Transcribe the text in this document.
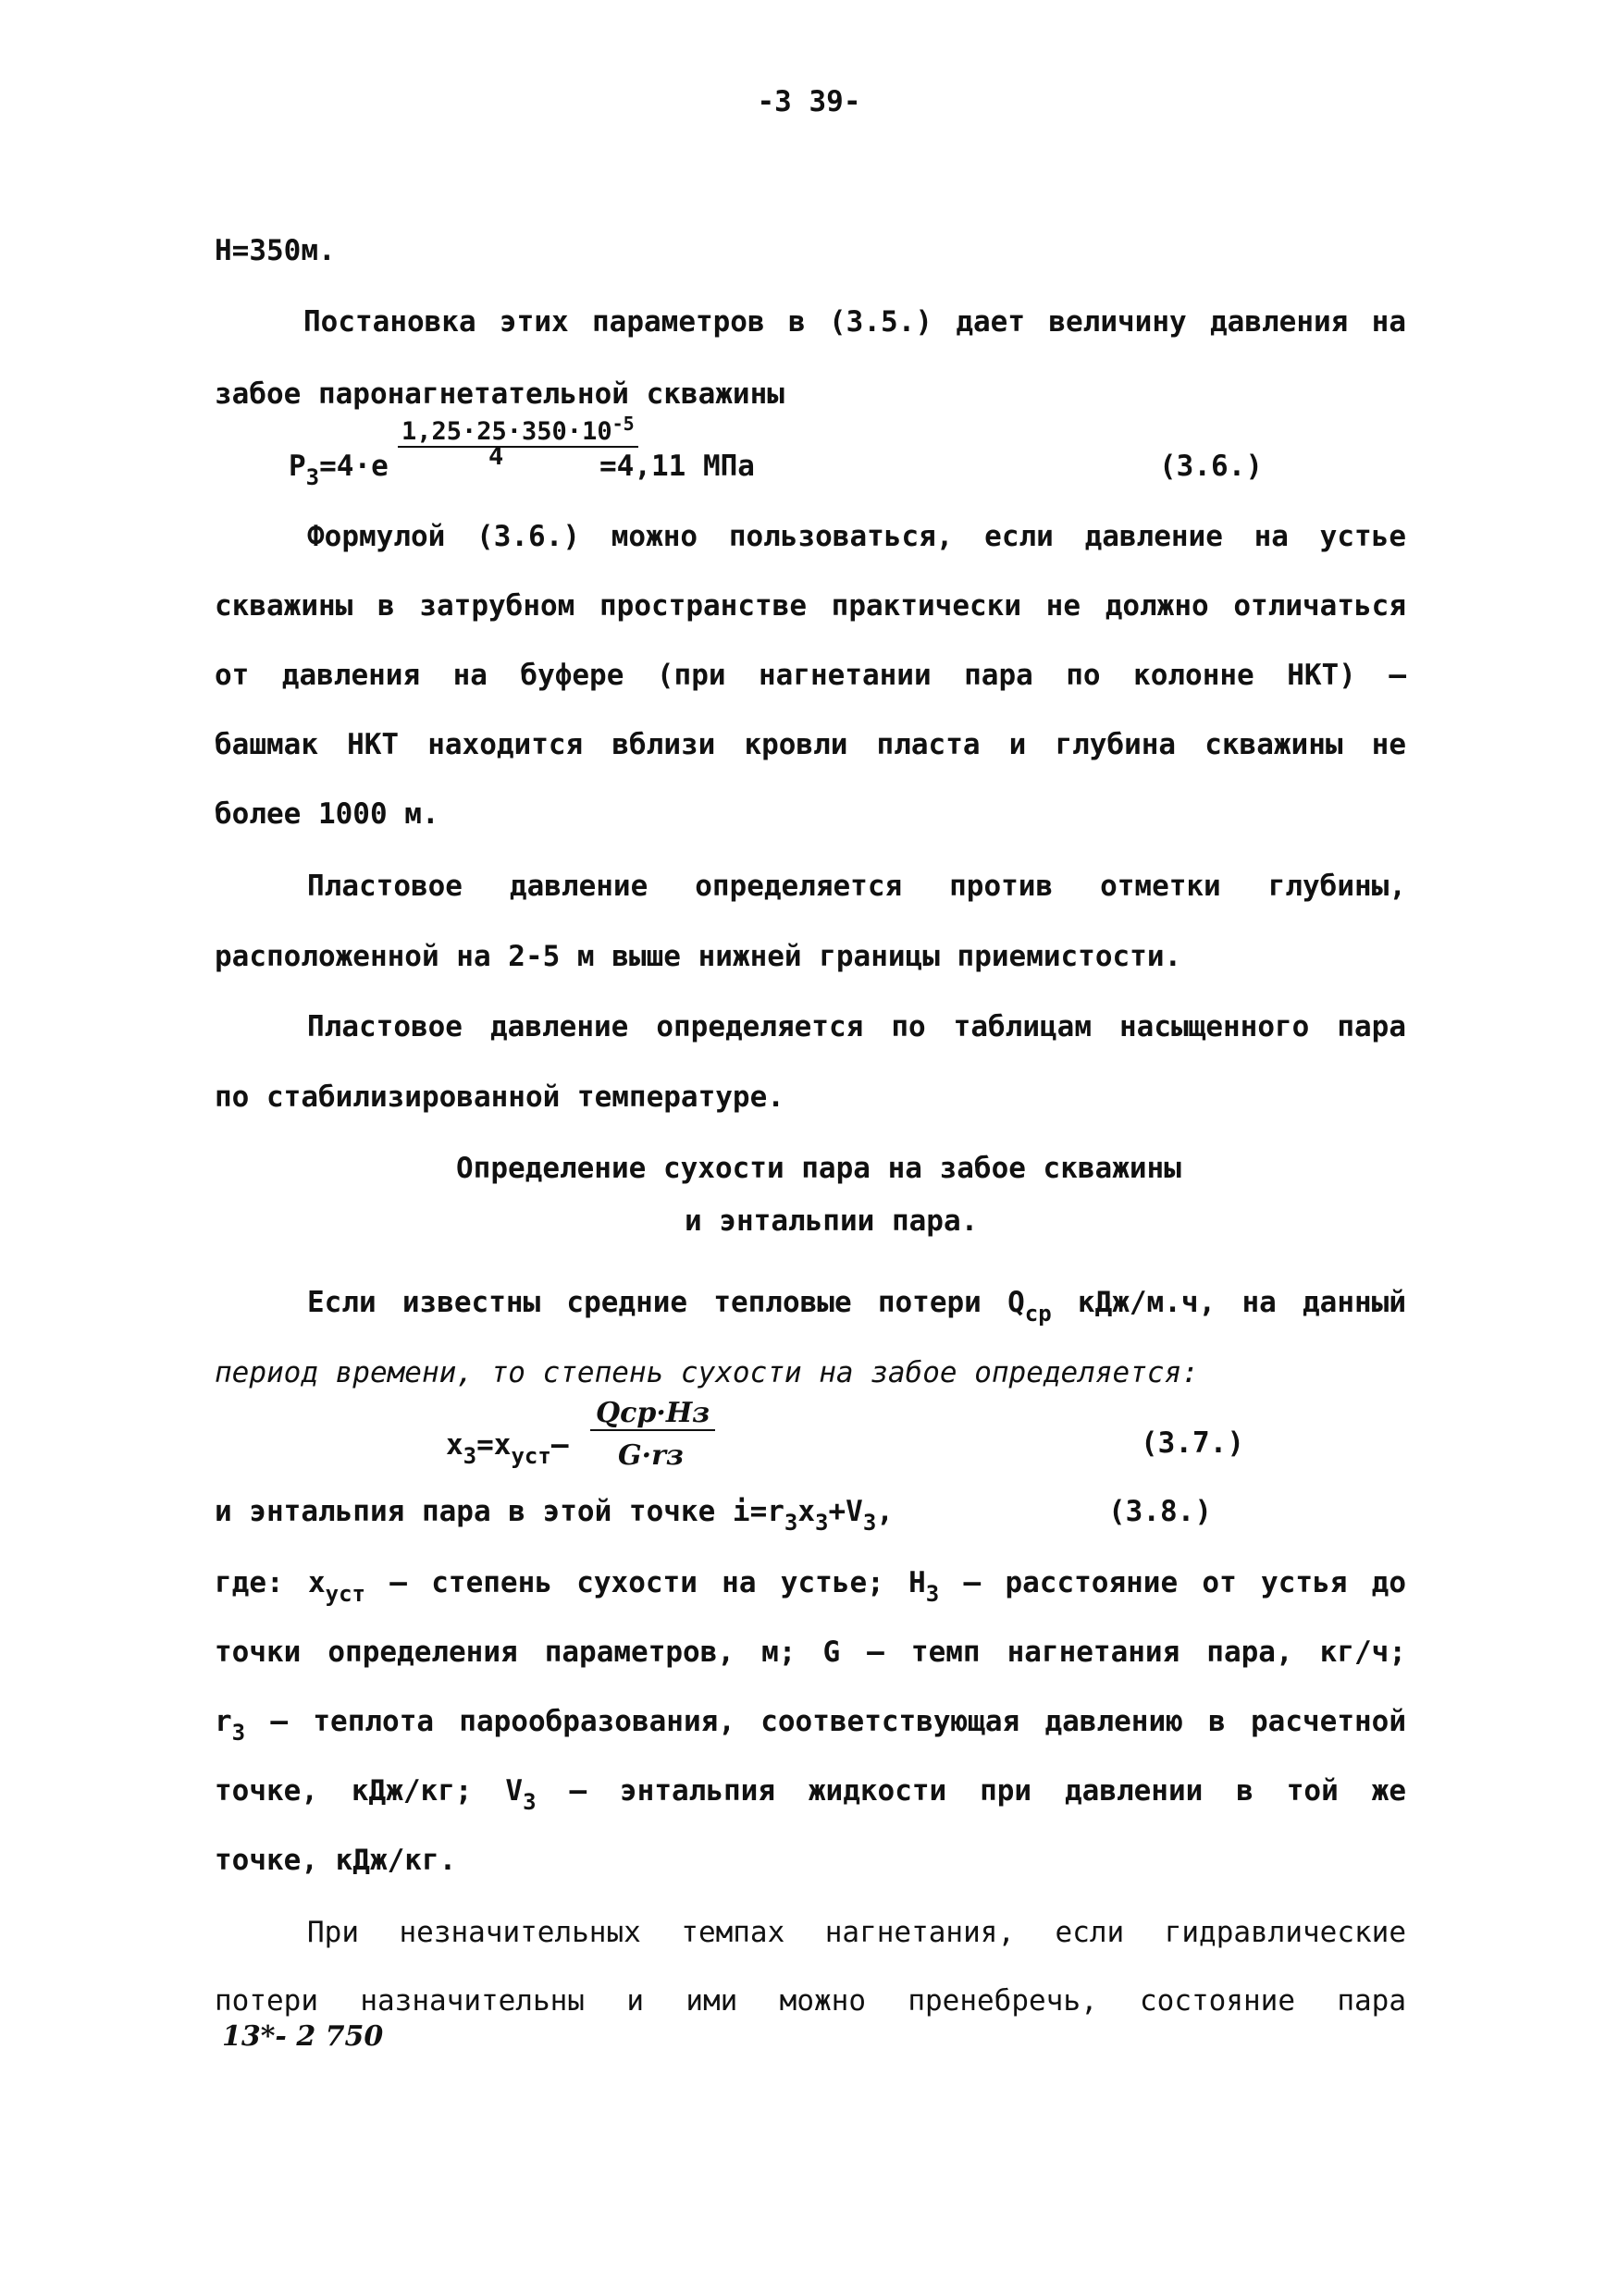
-3 39-
H=350м.
Постановка этих параметров в (3.5.) дает величину давления на
забое паронагнетательной скважины
$1,25\cdot 25\cdot 350\cdot 10^{-5}$
4
$P_З=4\cdot е$	=4,11 МПа	(3.6.)
Формулой (3.6.) можно пользоваться, если давление на устье
скважины в затрубном пространстве практически не должно отличаться
от давления на буфере (при нагнетании пара по колонне НКТ) –
башмак НКТ находится вблизи кровли пласта и глубина скважины не
более 1000 м.
Пластовое давление определяется против отметки глубины,
расположенной на 2-5 м выше нижней границы приемистости.
Пластовое давление определяется по таблицам насыщенного пара
по стабилизированной температуре.
Определение сухости пара на забое скважины
и энтальпии пара.
Если известны средние тепловые потери $Q_{ср}$ кДж/м.ч, на данный
период времени, то степень сухости на забое определяется:
$x_З=x_{уст}-$
Qср·Hз
G·rз	(3.7.)
и энтальпия пара в этой точке $i=r_Зx_З+V_З$,	(3.8.)
где: $x_{уст}$ – степень сухости на устье; $H_З$ – расстояние от устья до
точки определения параметров, м; G – темп нагнетания пара, кг/ч;
$r_З$ – теплота парообразования, соответствующая давлению в расчетной
точке, кДж/кг; $V_З$ – энтальпия жидкости при давлении в той же
точке, кДж/кг.
При незначительных темпах нагнетания, если гидравлические
потери назначительны и ими можно пренебречь, состояние пара
13*- 2 750
